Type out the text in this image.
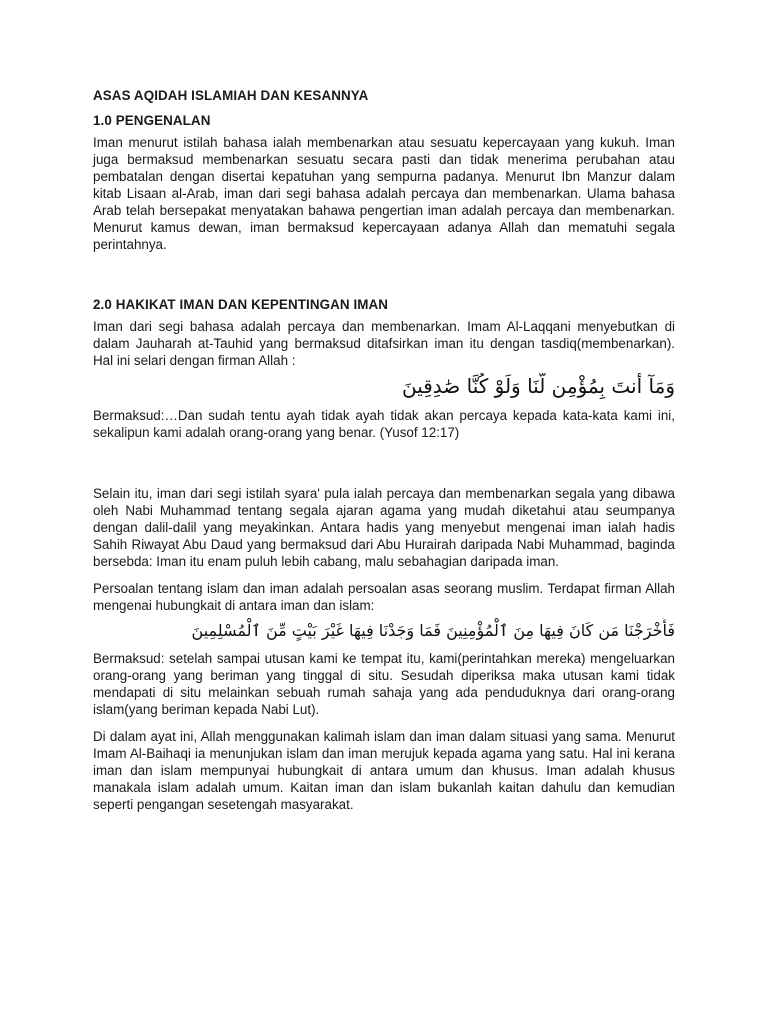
ASAS AQIDAH ISLAMIAH DAN KESANNYA
1.0 PENGENALAN

Iman menurut istilah bahasa ialah membenarkan atau sesuatu kepercayaan yang kukuh. Iman juga bermaksud membenarkan sesuatu secara pasti dan tidak menerima perubahan atau pembatalan dengan disertai kepatuhan yang sempurna padanya. Menurut Ibn Manzur dalam kitab Lisaan al-Arab, iman dari segi bahasa adalah percaya dan membenarkan. Ulama bahasa Arab telah bersepakat menyatakan bahawa pengertian iman adalah percaya dan membenarkan. Menurut kamus dewan, iman bermaksud kepercayaan adanya Allah dan mematuhi segala perintahnya.

2.0 HAKIKAT IMAN DAN KEPENTINGAN IMAN

Iman dari segi bahasa adalah percaya dan membenarkan. Imam Al-Laqqani menyebutkan di dalam Jauharah at-Tauhid yang bermaksud ditafsirkan iman itu dengan tasdiq(membenarkan). Hal ini selari dengan firman Allah :

وَمَآ أَنتَ بِمُؤْمِنٍ لَّنَا وَلَوْ كُنَّا صَٰدِقِينَ

Bermaksud:…Dan sudah tentu ayah tidak ayah tidak akan percaya kepada kata-kata kami ini, sekalipun kami adalah orang-orang yang benar. (Yusof 12:17)

Selain itu, iman dari segi istilah syara' pula ialah percaya dan membenarkan segala yang dibawa oleh Nabi Muhammad tentang segala ajaran agama yang mudah diketahui atau seumpanya dengan dalil-dalil yang meyakinkan. Antara hadis yang menyebut mengenai iman ialah hadis Sahih Riwayat Abu Daud yang bermaksud dari Abu Hurairah daripada Nabi Muhammad, baginda bersebda: Iman itu enam puluh lebih cabang, malu sebahagian daripada iman.

Persoalan tentang islam dan iman adalah persoalan asas seorang muslim. Terdapat firman Allah mengenai hubungkait di antara iman dan islam:

فَأَخْرَجْنَا مَن كَانَ فِيهَا مِنَ ٱلْمُؤْمِنِينَ فَمَا وَجَدْنَا فِيهَا غَيْرَ بَيْتٍ مِّنَ ٱلْمُسْلِمِينَ

Bermaksud: setelah sampai utusan kami ke tempat itu, kami(perintahkan mereka) mengeluarkan orang-orang yang beriman yang tinggal di situ. Sesudah diperiksa maka utusan kami tidak mendapati di situ melainkan sebuah rumah sahaja yang ada penduduknya dari orang-orang islam(yang beriman kepada Nabi Lut).

Di dalam ayat ini, Allah menggunakan kalimah islam dan iman dalam situasi yang sama. Menurut Imam Al-Baihaqi ia menunjukan islam dan iman merujuk kepada agama yang satu. Hal ini kerana iman dan islam mempunyai hubungkait di antara umum dan khusus. Iman adalah khusus manakala islam adalah umum. Kaitan iman dan islam bukanlah kaitan dahulu dan kemudian seperti pengangan sesetengah masyarakat.
